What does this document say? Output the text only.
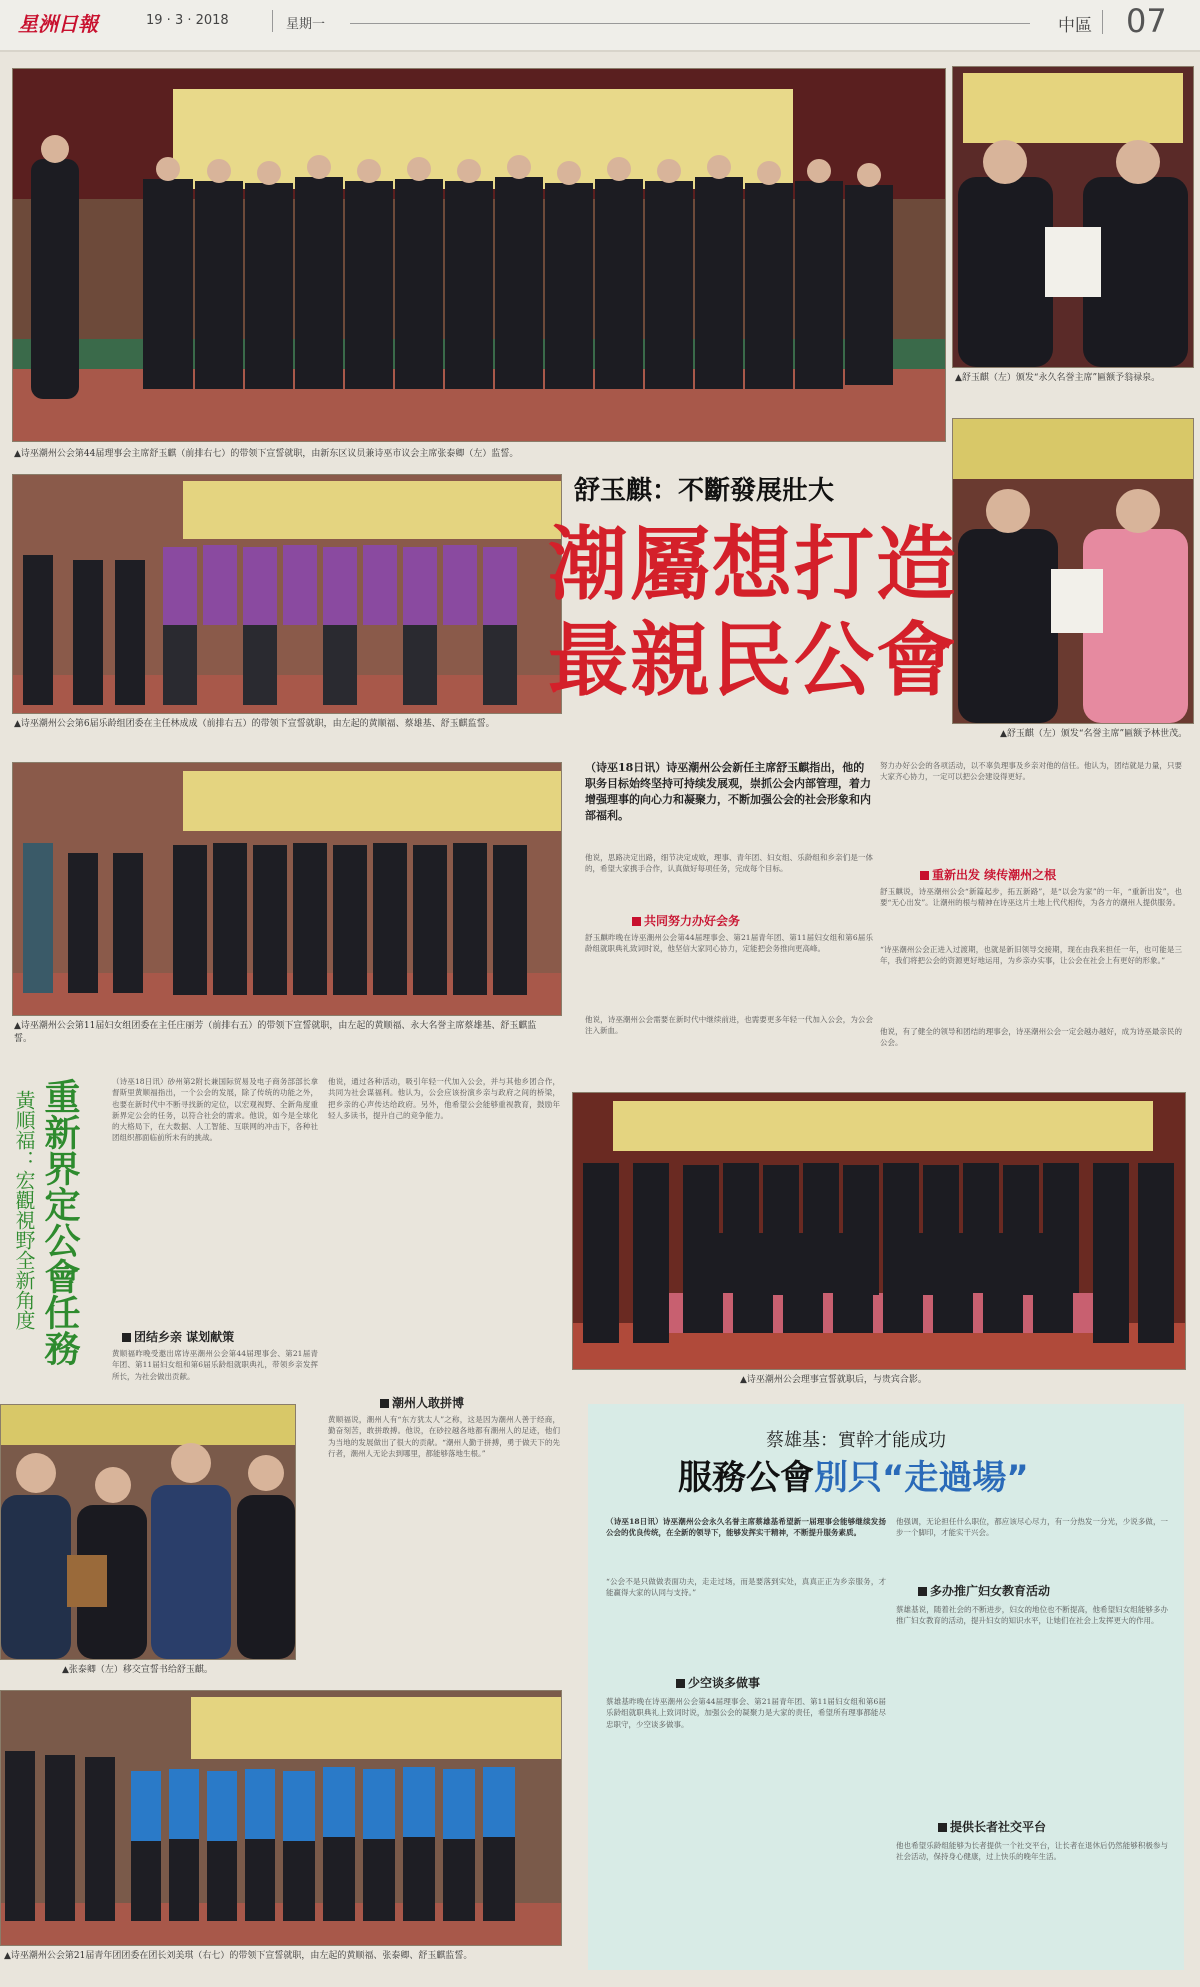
星洲日報	19 · 3 · 2018	星期一	中區 07
▲诗巫潮州公会第44届理事会主席舒玉麒（前排右七）的带领下宣誓就职，由新东区议员兼诗巫市议会主席张泰卿（左）监誓。
▲舒玉麒（左）颁发“永久名誉主席”匾额予翁禄泉。
▲舒玉麒（左）颁发“名誉主席”匾额予林世茂。
▲诗巫潮州公会第6届乐龄组团委在主任林成成（前排右五）的带领下宣誓就职，由左起的黄顺福、蔡雄基、舒玉麒监誓。
舒玉麒：不斷發展壯大
潮屬想打造
最親民公會
（诗巫18日讯）诗巫潮州公会新任主席舒玉麒指出，他的职务目标始终坚持可持续发展观，崇抓公会内部管理，着力增强理事的向心力和凝聚力，不断加强公会的社会形象和内部福利。
他说，思路决定出路，细节决定成败，理事、青年团、妇女组、乐龄组和乡亲们是一体的，希望大家携手合作，认真做好每项任务，完成每个目标。
共同努力办好会务
舒玉麒昨晚在诗巫潮州公会第44届理事会、第21届青年团、第11届妇女组和第6届乐龄组就职典礼致词时说，他坚信大家同心协力，定能把会务推向更高峰。
他说，诗巫潮州公会需要在新时代中继续前进，也需要更多年轻一代加入公会，为公会注入新血。
努力办好公会的各项活动，以不辜负理事及乡亲对他的信任。他认为，团结就是力量，只要大家齐心协力，一定可以把公会建设得更好。
重新出发 续传潮州之根
舒玉麒说，诗巫潮州公会“新篇起步，拓五新路”，是“以会为家”的一年，“重新出发”，也要“无心出发”。让潮州的根与精神在诗巫这片土地上代代相传，为各方的潮州人提供服务。
“诗巫潮州公会正进入过渡期，也就是新旧领导交接期，现在由我来担任一年，也可能是三年，我们将把公会的资源更好地运用，为乡亲办实事，让公会在社会上有更好的形象。”
他说，有了健全的领导和团结的理事会，诗巫潮州公会一定会越办越好，成为诗巫最亲民的公会。
▲诗巫潮州公会第11届妇女组团委在主任庄丽芳（前排右五）的带领下宣誓就职，由左起的黄顺福、永大名誉主席蔡雄基、舒玉麒监誓。
重新界定公會任務
黃順福：宏觀視野全新角度
（诗巫18日讯）砂州第2附长兼国际贸易及电子商务部部长拿督斯里黄顺福指出，一个公会的发展，除了传统的功能之外，也要在新时代中不断寻找新的定位，以宏观视野、全新角度重新界定公会的任务，以符合社会的需求。他说，如今是全球化的大格局下，在大数据、人工智能、互联网的冲击下，各种社团组织都面临前所未有的挑战。
团结乡亲 谋划献策
黄顺福昨晚受邀出席诗巫潮州公会第44届理事会、第21届青年团、第11届妇女组和第6届乐龄组就职典礼，带领乡亲发挥所长，为社会做出贡献。
他说，通过各种活动，吸引年轻一代加入公会，并与其他乡团合作，共同为社会谋福利。他认为，公会应该扮演乡亲与政府之间的桥梁，把乡亲的心声传达给政府。另外，他希望公会能够重视教育，鼓励年轻人多读书，提升自己的竞争能力。
潮州人敢拼博
黄顺福说，潮州人有“东方犹太人”之称，这是因为潮州人善于经商，勤奋刻苦，敢拼敢搏。他说，在砂拉越各地都有潮州人的足迹，他们为当地的发展做出了很大的贡献。“潮州人勤于拼搏，勇于做天下的先行者，潮州人无论去到哪里，都能够落地生根。”
▲诗巫潮州公会理事宣誓就职后，与贵宾合影。
▲张泰卿（左）移交宣誓书给舒玉麒。
蔡雄基：實幹才能成功
服務公會別只“走過場”
（诗巫18日讯）诗巫潮州公会永久名誉主席蔡雄基希望新一届理事会能够继续发扬公会的优良传统，在全新的领导下，能够发挥实干精神，不断提升服务素质。
“公会不是只做做表面功夫，走走过场，而是要落到实处，真真正正为乡亲服务，才能赢得大家的认同与支持。”
少空谈多做事
蔡雄基昨晚在诗巫潮州公会第44届理事会、第21届青年团、第11届妇女组和第6届乐龄组就职典礼上致词时说，加强公会的凝聚力是大家的责任，希望所有理事都能尽忠职守，少空谈多做事。
他强调，无论担任什么职位，都应该尽心尽力，有一分热发一分光，少说多做，一步一个脚印，才能实干兴会。
多办推广妇女教育活动
蔡雄基说，随着社会的不断进步，妇女的地位也不断提高，他希望妇女组能够多办推广妇女教育的活动，提升妇女的知识水平，让她们在社会上发挥更大的作用。
提供长者社交平台
他也希望乐龄组能够为长者提供一个社交平台，让长者在退休后仍然能够积极参与社会活动，保持身心健康，过上快乐的晚年生活。
▲诗巫潮州公会第21届青年团团委在团长刘美琪（右七）的带领下宣誓就职，由左起的黄顺福、张泰卿、舒玉麒监誓。
